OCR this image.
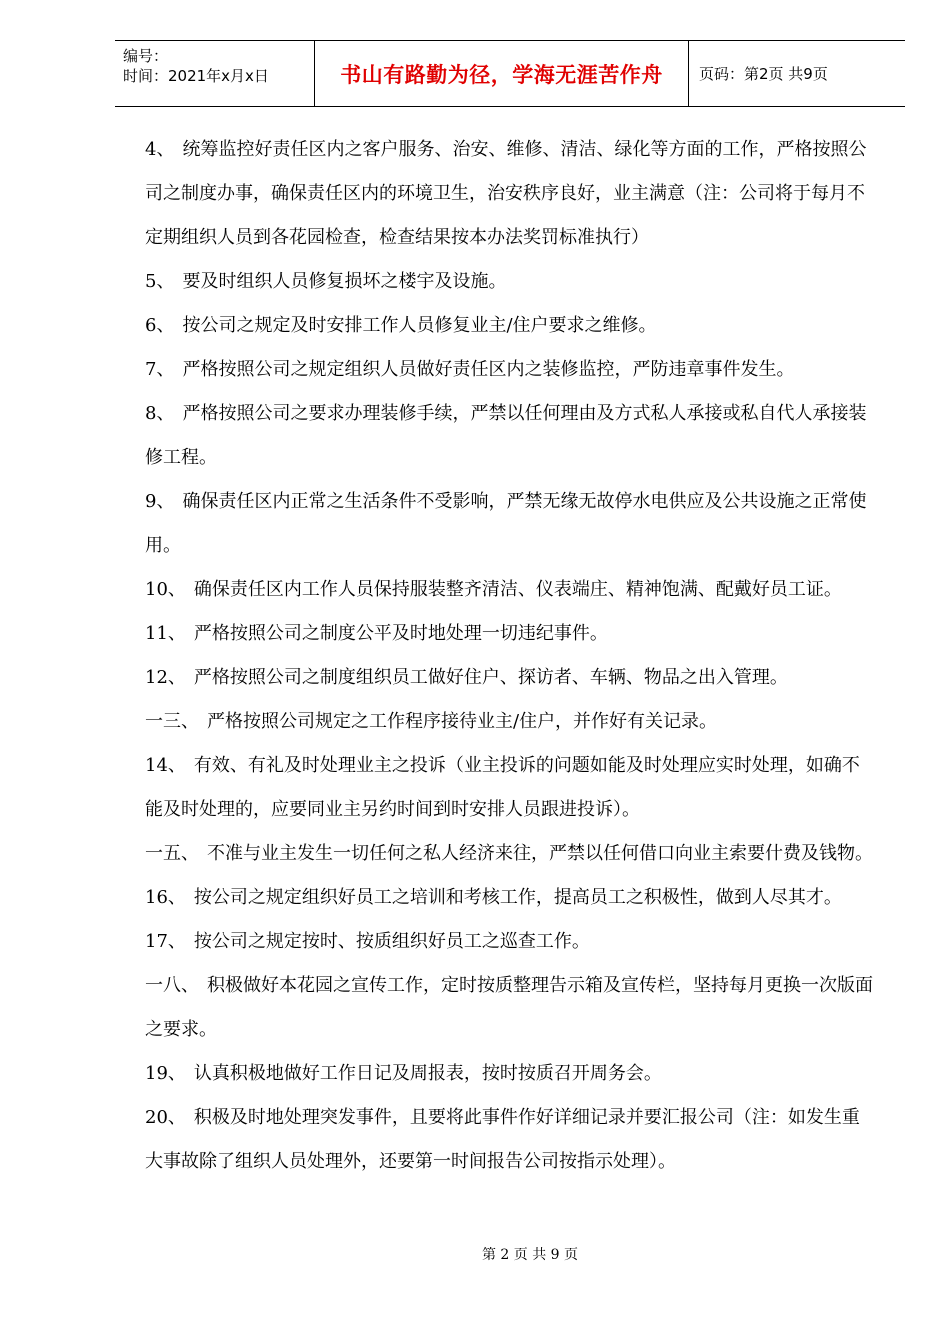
编号：
时间：2021年x月x日	书山有路勤为径，学海无涯苦作舟 页码：第2页 共9页

4、 统筹监控好责任区内之客户服务、治安、维修、清洁、绿化等方面的工作，严格按照公司之制度办事，确保责任区内的环境卫生，治安秩序良好，业主满意（注：公司将于每月不定期组织人员到各花园检查，检查结果按本办法奖罚标准执行）

5、 要及时组织人员修复损坏之楼宇及设施。

6、 按公司之规定及时安排工作人员修复业主/住户要求之维修。

7、 严格按照公司之规定组织人员做好责任区内之装修监控，严防违章事件发生。

8、 严格按照公司之要求办理装修手续，严禁以任何理由及方式私人承接或私自代人承接装修工程。

9、 确保责任区内正常之生活条件不受影响，严禁无缘无故停水电供应及公共设施之正常使用。

10、 确保责任区内工作人员保持服装整齐清洁、仪表端庄、精神饱满、配戴好员工证。

11、 严格按照公司之制度公平及时地处理一切违纪事件。

12、 严格按照公司之制度组织员工做好住户、探访者、车辆、物品之出入管理。

一三、 严格按照公司规定之工作程序接待业主/住户，并作好有关记录。

14、 有效、有礼及时处理业主之投诉（业主投诉的问题如能及时处理应实时处理，如确不能及时处理的，应要同业主另约时间到时安排人员跟进投诉）。

一五、 不准与业主发生一切任何之私人经济来往，严禁以任何借口向业主索要什费及钱物。

16、 按公司之规定组织好员工之培训和考核工作，提高员工之积极性，做到人尽其才。

17、 按公司之规定按时、按质组织好员工之巡查工作。

一八、 积极做好本花园之宣传工作，定时按质整理告示箱及宣传栏，坚持每月更换一次版面之要求。

19、 认真积极地做好工作日记及周报表，按时按质召开周务会。

20、 积极及时地处理突发事件，且要将此事件作好详细记录并要汇报公司（注：如发生重大事故除了组织人员处理外，还要第一时间报告公司按指示处理）。

第 2 页 共 9 页
